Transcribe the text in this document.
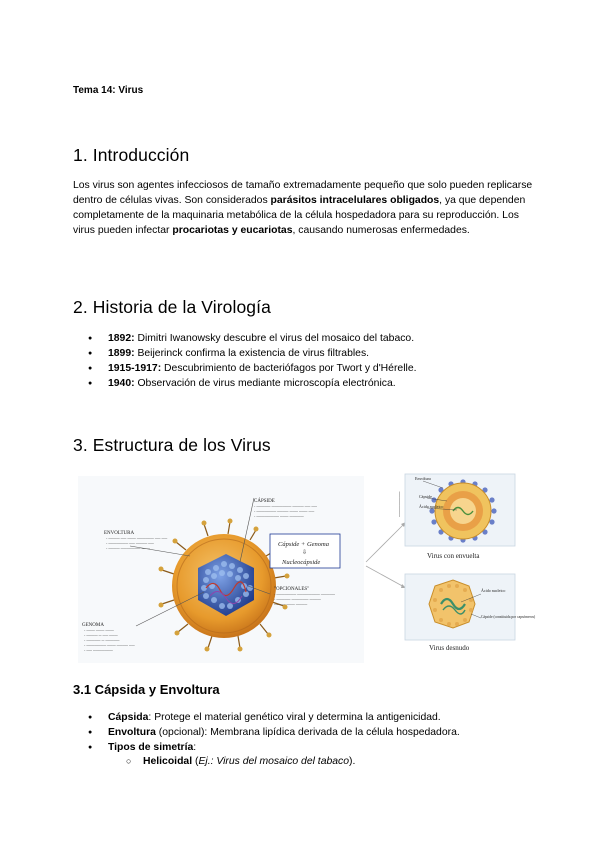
Tema 14: Virus
1. Introducción

Los virus son agentes infecciosos de tamaño extremadamente pequeño que solo pueden replicarse dentro de células vivas. Son considerados parásitos intracelulares obligados, ya que dependen completamente de la maquinaria metabólica de la célula hospedadora para su reproducción. Los virus pueden infectar procariotas y eucariotas, causando numerosas enfermedades.

2. Historia de la Virología
● 1892: Dimitri Iwanowsky descubre el virus del mosaico del tabaco.
● 1899: Beijerinck confirma la existencia de virus filtrables.
● 1915-1917: Descubrimiento de bacteriófagos por Twort y d'Hérelle.
● 1940: Observación de virus mediante microscopía electrónica.
3. Estructura de los Virus
CÁPSIDE
- ───── ─────── ──── ── ──
- ─────── ──── ─── ─── ──
- ──────── ─── ─────
ENVOLTURA
- ──── ── ─── ────── ── ──
- ─────── ── ──── ──
- ──── ─────── ───
GENOMA
- ─── ─── ───
- ──── ─ ── ───
- ───── ─ ─────
- ─────── ─── ──── ──
- ── ───────
Cápside + Genoma
⇩
Nucleocápside
"OPCIONALES"
- ─────── ──────── ─────
- ───── ────── ────
──── ─── ────
Envoltura
Cápside
Ácido nucleico
─────────
Virus con envuelta
Ácido nucleico
Cápside (constituida por capsómeros)
Virus desnudo
3.1 Cápsida y Envoltura
● Cápsida: Protege el material genético viral y determina la antigenicidad.
● Envoltura (opcional): Membrana lipídica derivada de la célula hospedadora.
● Tipos de simetría:
○ Helicoidal (Ej.: Virus del mosaico del tabaco).
